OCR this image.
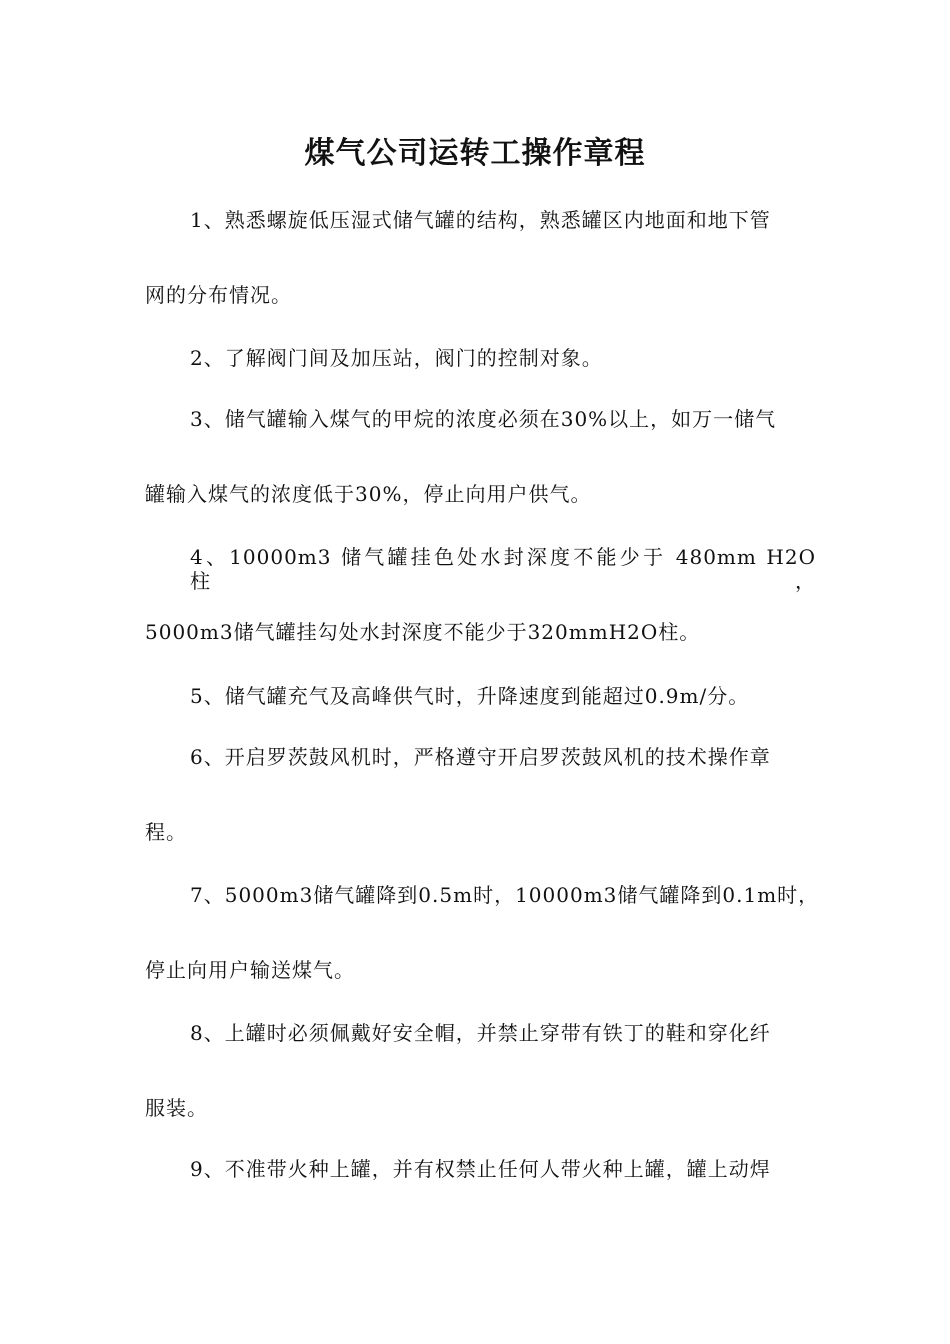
煤气公司运转工操作章程
1、熟悉螺旋低压湿式储气罐的结构，熟悉罐区内地面和地下管
网的分布情况。
2、了解阀门间及加压站，阀门的控制对象。
3、储气罐输入煤气的甲烷的浓度必须在30%以上，如万一储气
罐输入煤气的浓度低于30%，停止向用户供气。
4、10000m3 储气罐挂色处水封深度不能少于 480mm H2O 柱，
5000m3储气罐挂勾处水封深度不能少于320mmH2O柱。
5、储气罐充气及高峰供气时，升降速度到能超过0.9m/分。
6、开启罗茨鼓风机时，严格遵守开启罗茨鼓风机的技术操作章
程。
7、5000m3储气罐降到0.5m时，10000m3储气罐降到0.1m时，
停止向用户输送煤气。
8、上罐时必须佩戴好安全帽，并禁止穿带有铁丁的鞋和穿化纤
服装。
9、不准带火种上罐，并有权禁止任何人带火种上罐，罐上动焊
